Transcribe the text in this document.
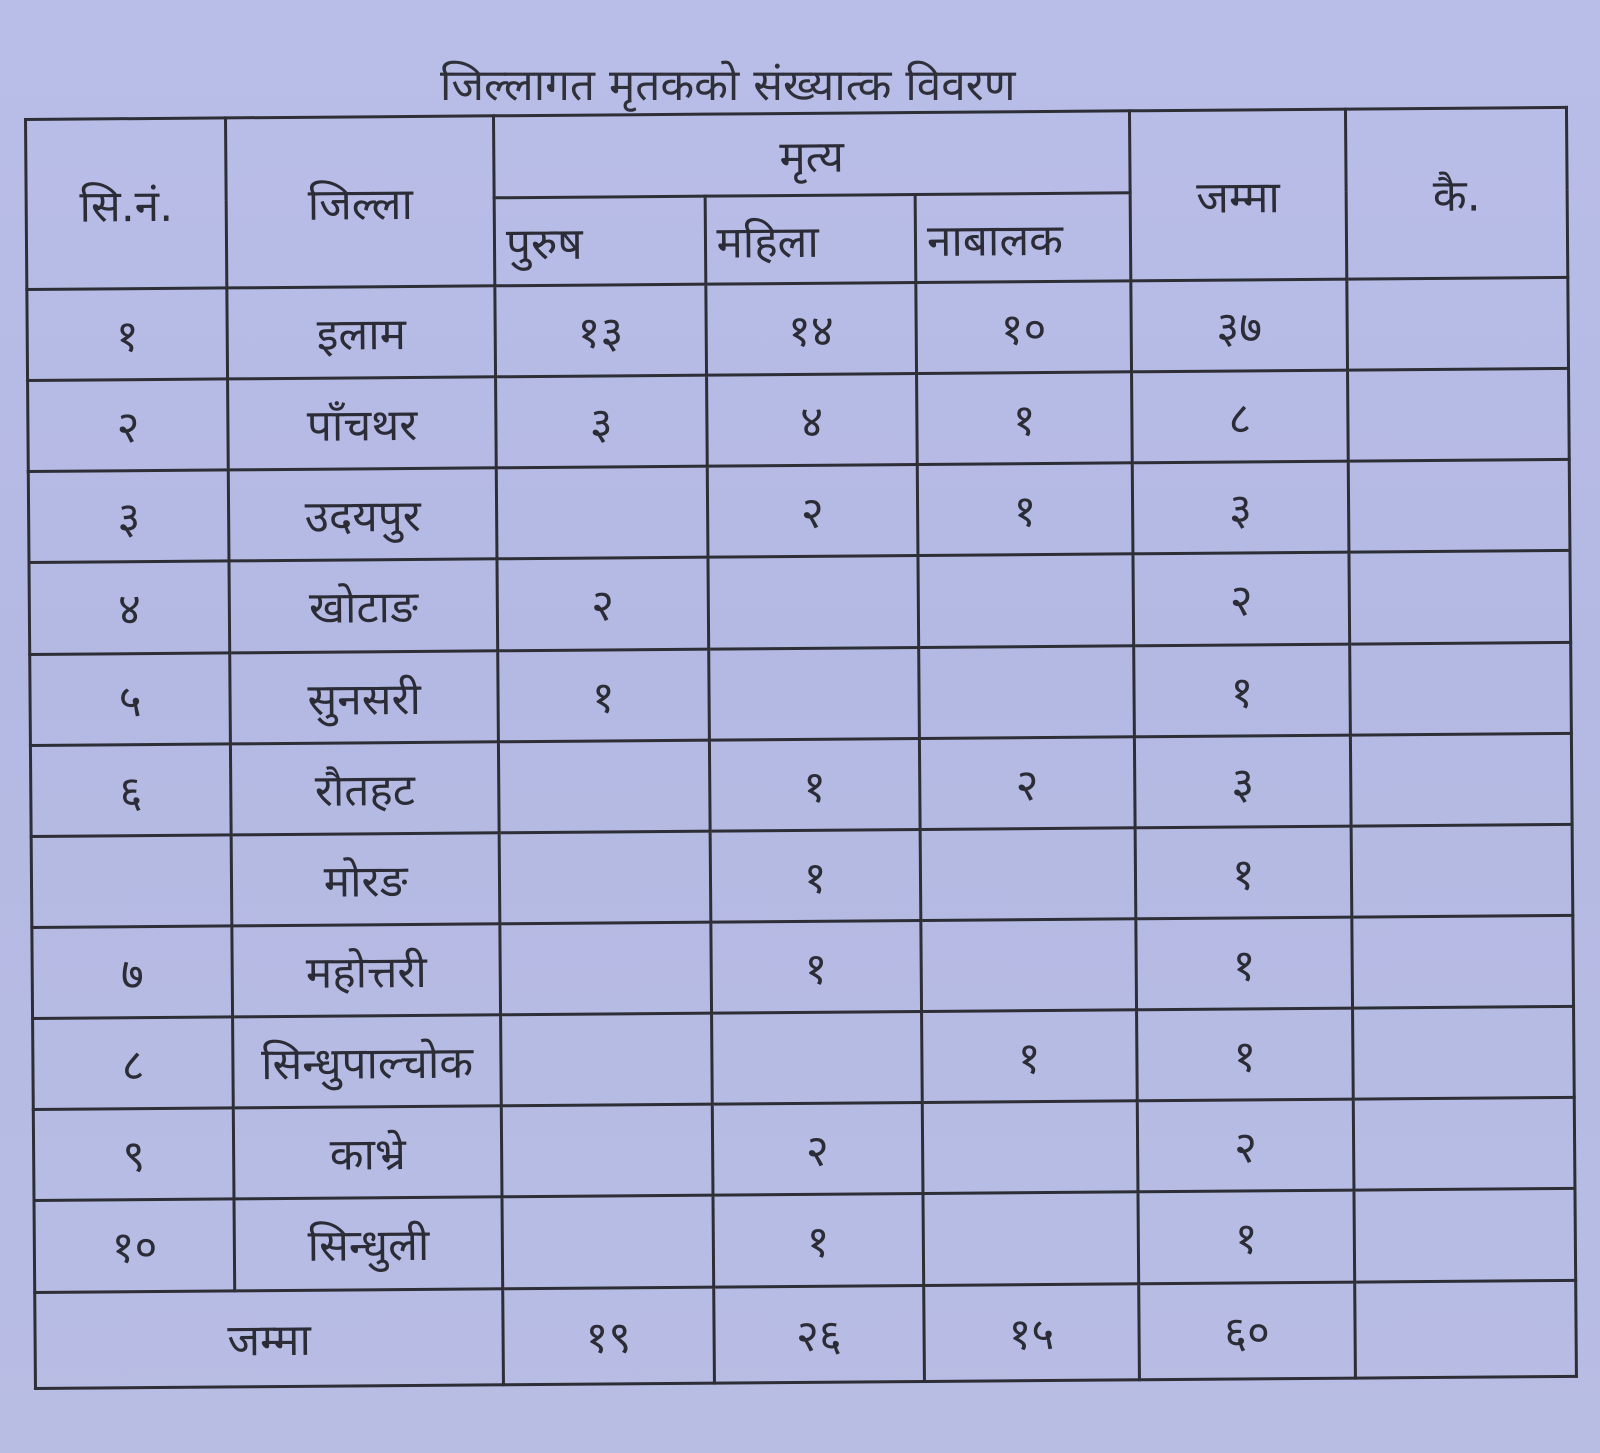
जिल्लागत मृतकको संख्यात्क विवरण
सि.नं.	जिल्ला	मृत्य			जम्मा	कै.
		पुरुष	महिला	नाबालक		
१	इलाम	१३	१४	१०	३७	
२	पाँचथर	३	४	१	८	
३	उदयपुर		२	१	३	
४	खोटाङ	२			२	
५	सुनसरी	१			१	
६	रौतहट		१	२	३	
	मोरङ		१		१	
७	महोत्तरी		१		१	
८	सिन्धुपाल्चोक			१	१	
९	काभ्रे		२		२	
१०	सिन्धुली		१		१	
जम्मा		१९	२६	१५	६०	
